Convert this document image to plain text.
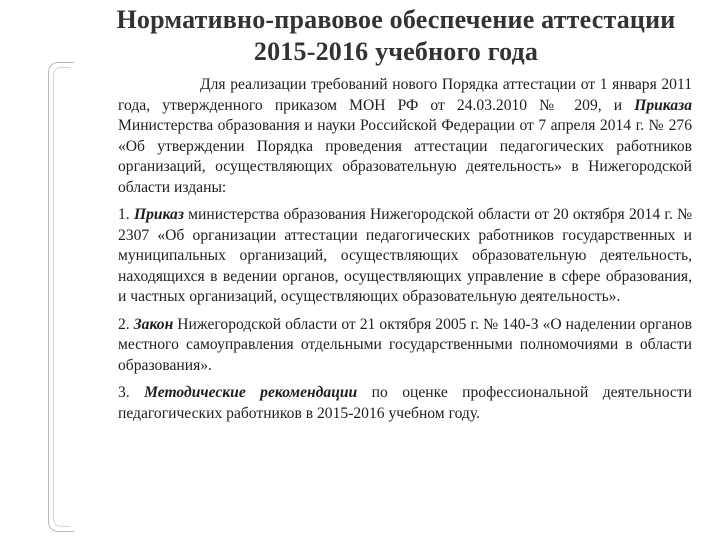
Нормативно-правовое обеспечение аттестации
2015-2016 учебного года

Для реализации требований нового Порядка аттестации от 1 января 2011 года, утвержденного приказом МОН РФ от 24.03.2010 № 209, и Приказа Министерства образования и науки Российской Федерации от 7 апреля 2014 г. № 276 «Об утверждении Порядка проведения аттестации педагогических работников организаций, осуществляющих образовательную деятельность» в Нижегородской области изданы:

1. Приказ министерства образования Нижегородской области от 20 октября 2014 г. № 2307 «Об организации аттестации педагогических работников государственных и муниципальных организаций, осуществляющих образовательную деятельность, находящихся в ведении органов, осуществляющих управление в сфере образования, и частных организаций, осуществляющих образовательную деятельность».

2. Закон Нижегородской области от 21 октября 2005 г. № 140-З «О наделении органов местного самоуправления отдельными государственными полномочиями в области образования».

3. Методические рекомендации по оценке профессиональной деятельности педагогических работников в 2015-2016 учебном году.
